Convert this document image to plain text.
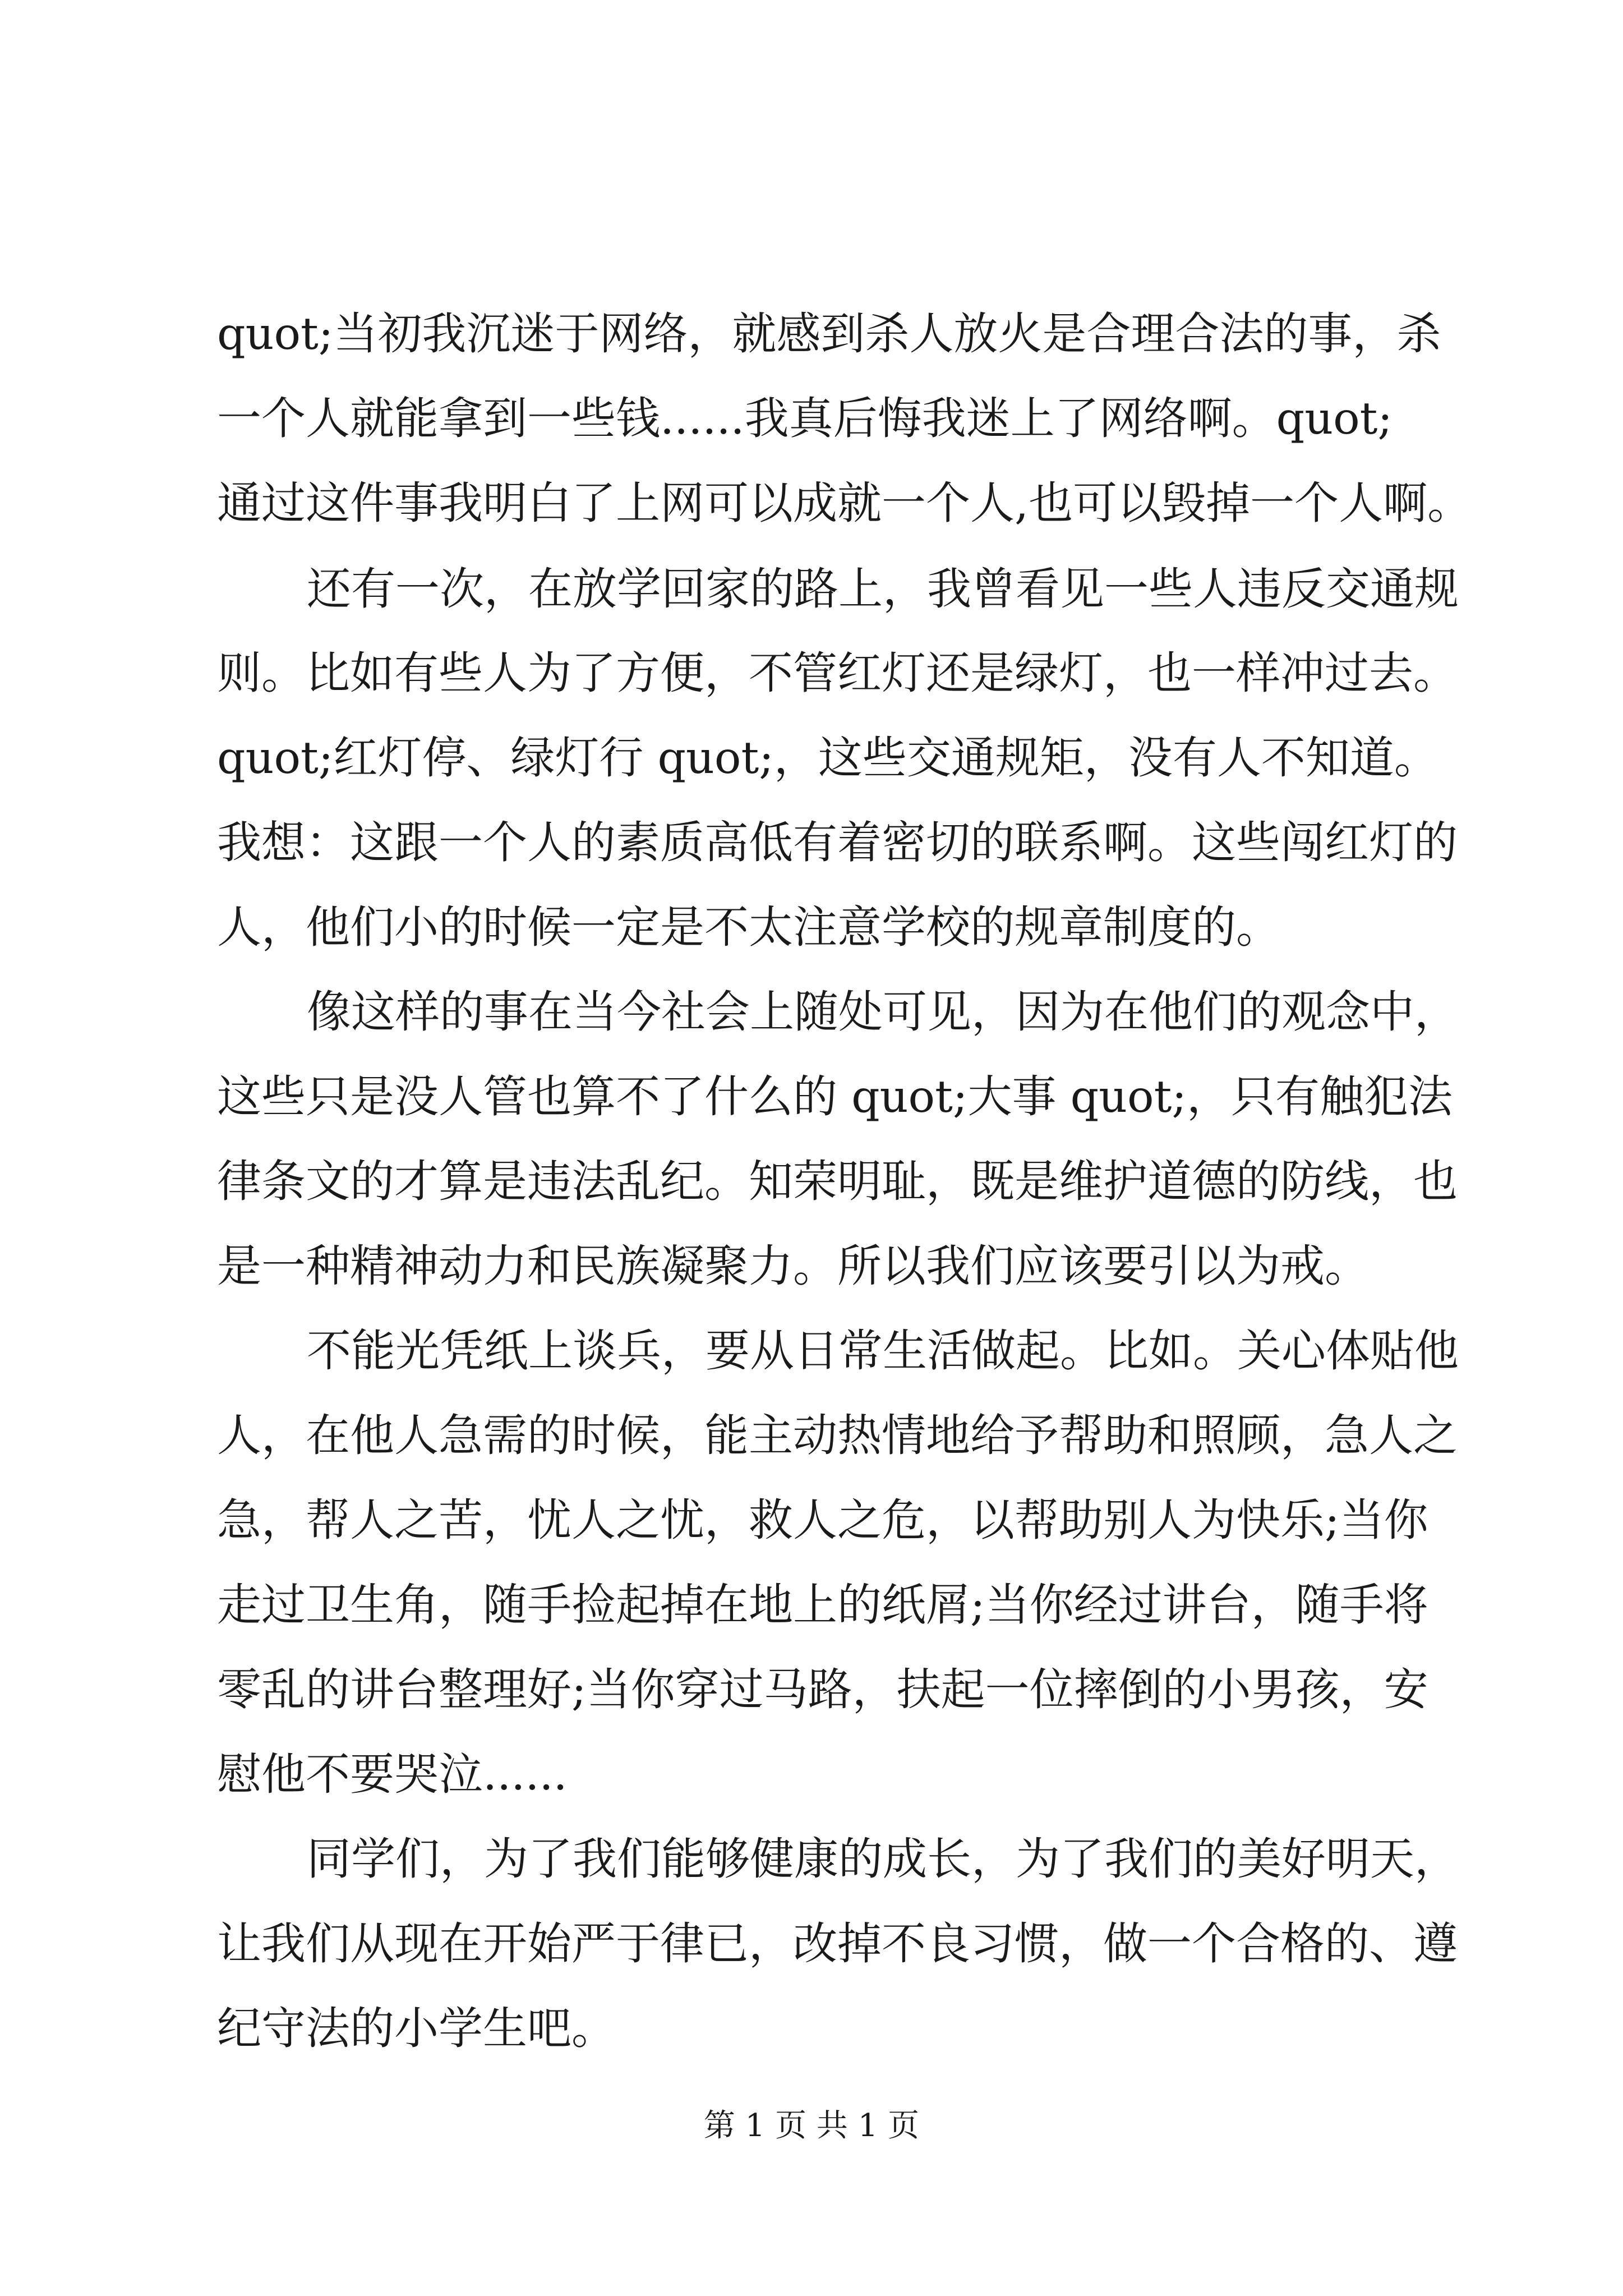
quot;当初我沉迷于网络，就感到杀人放火是合理合法的事，杀
一个人就能拿到一些钱......我真后悔我迷上了网络啊。quot;
通过这件事我明白了上网可以成就一个人,也可以毁掉一个人啊。
还有一次，在放学回家的路上，我曾看见一些人违反交通规
则。比如有些人为了方便，不管红灯还是绿灯，也一样冲过去。
quot;红灯停、绿灯行 quot;，这些交通规矩，没有人不知道。
我想：这跟一个人的素质高低有着密切的联系啊。这些闯红灯的
人，他们小的时候一定是不太注意学校的规章制度的。
像这样的事在当今社会上随处可见，因为在他们的观念中，
这些只是没人管也算不了什么的 quot;大事 quot;，只有触犯法
律条文的才算是违法乱纪。知荣明耻，既是维护道德的防线，也
是一种精神动力和民族凝聚力。所以我们应该要引以为戒。
不能光凭纸上谈兵，要从日常生活做起。比如。关心体贴他
人，在他人急需的时候，能主动热情地给予帮助和照顾，急人之
急，帮人之苦，忧人之忧，救人之危，以帮助别人为快乐;当你
走过卫生角，随手捡起掉在地上的纸屑;当你经过讲台，随手将
零乱的讲台整理好;当你穿过马路，扶起一位摔倒的小男孩，安
慰他不要哭泣......
同学们，为了我们能够健康的成长，为了我们的美好明天，
让我们从现在开始严于律已，改掉不良习惯，做一个合格的、遵
纪守法的小学生吧。
第 1 页 共 1 页
